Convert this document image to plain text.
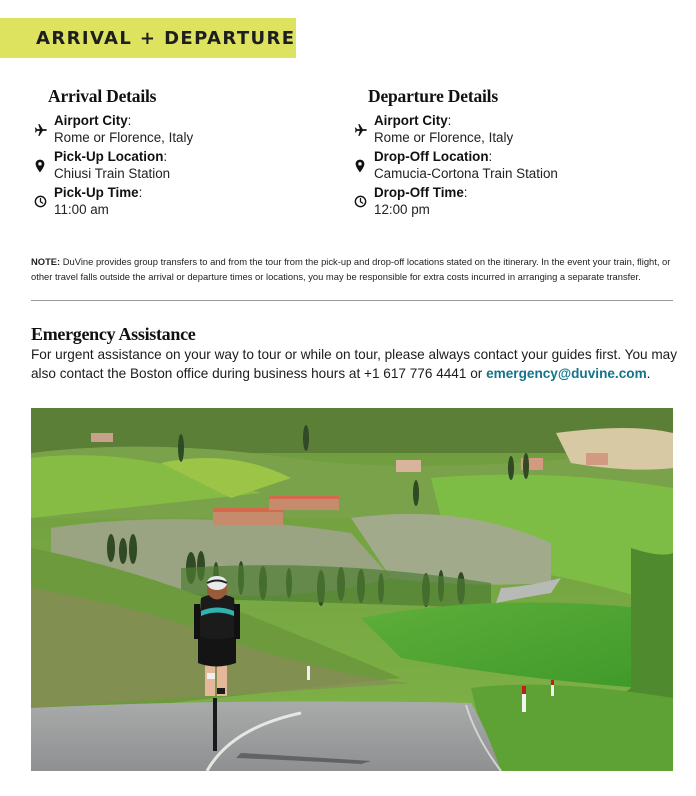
ARRIVAL + DEPARTURE
Arrival Details
Airport City:
Rome or Florence, Italy
Pick-Up Location:
Chiusi Train Station
Pick-Up Time:
11:00 am
Departure Details
Airport City:
Rome or Florence, Italy
Drop-Off Location:
Camucia-Cortona Train Station
Drop-Off Time:
12:00 pm
NOTE: DuVine provides group transfers to and from the tour from the pick-up and drop-off locations stated on the itinerary. In the event your train, flight, or other travel falls outside the arrival or departure times or locations, you may be responsible for extra costs incurred in arranging a separate transfer.
Emergency Assistance
For urgent assistance on your way to tour or while on tour, please always contact your guides first. You may also contact the Boston office during business hours at +1 617 776 4441 or emergency@duvine.com.
